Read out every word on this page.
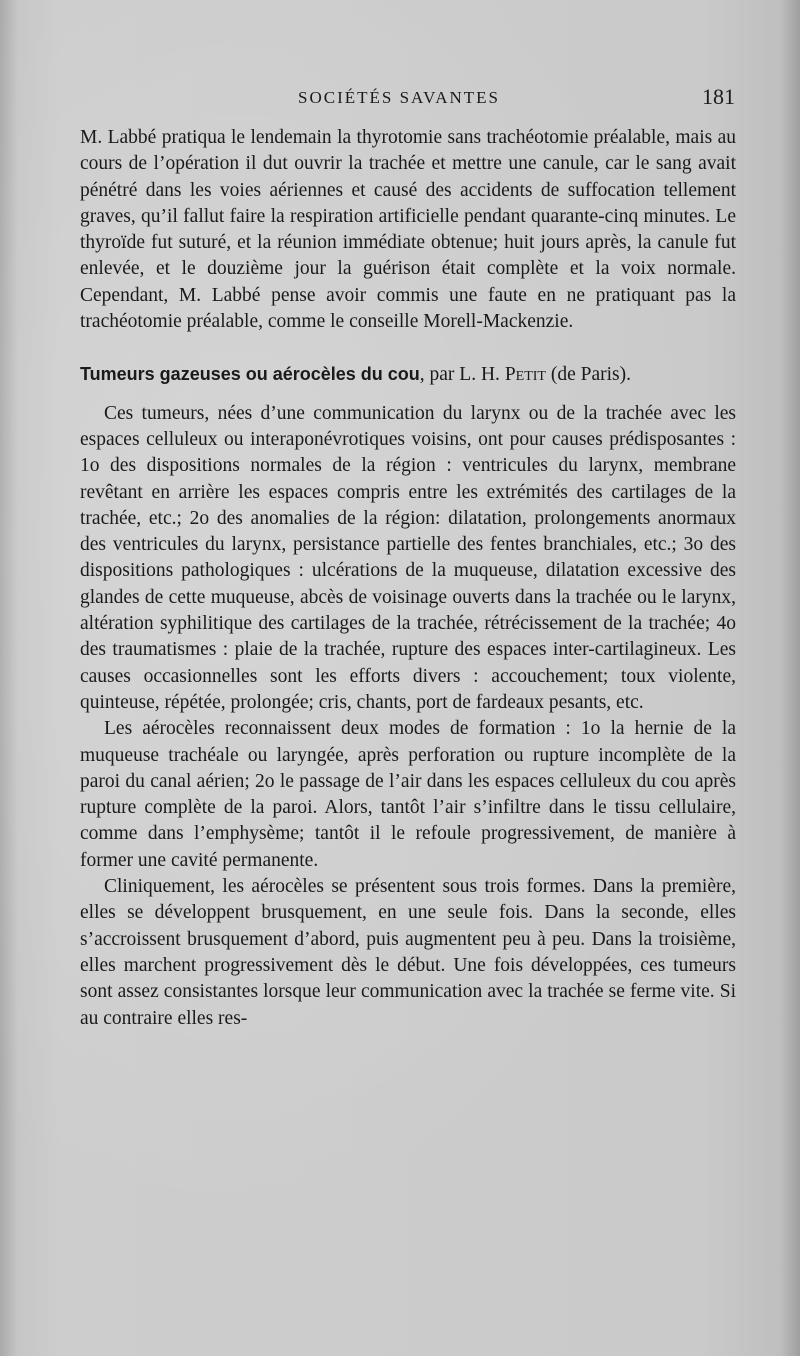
SOCIÉTÉS SAVANTES	181

M. Labbé pratiqua le lendemain la thyrotomie sans trachéotomie préalable, mais au cours de l’opération il dut ouvrir la trachée et mettre une canule, car le sang avait pénétré dans les voies aériennes et causé des accidents de suffocation tellement graves, qu’il fallut faire la respiration artificielle pendant quarante-cinq minutes. Le thyroïde fut suturé, et la réunion immédiate obtenue; huit jours après, la canule fut enlevée, et le douzième jour la guérison était complète et la voix normale. Cependant, M. Labbé pense avoir commis une faute en ne pratiquant pas la trachéotomie préalable, comme le conseille Morell-Mackenzie.

Tumeurs gazeuses ou aérocèles du cou, par L. H. Petit (de Paris).

Ces tumeurs, nées d’une communication du larynx ou de la trachée avec les espaces celluleux ou interaponévrotiques voisins, ont pour causes prédisposantes : 1o des dispositions normales de la région : ventricules du larynx, membrane revêtant en arrière les espaces compris entre les extrémités des cartilages de la trachée, etc.; 2o des anomalies de la région: dilatation, prolongements anormaux des ventricules du larynx, persistance partielle des fentes branchiales, etc.; 3o des dispositions pathologiques : ulcérations de la muqueuse, dilatation excessive des glandes de cette muqueuse, abcès de voisinage ouverts dans la trachée ou le larynx, altération syphilitique des cartilages de la trachée, rétrécissement de la trachée; 4o des traumatismes : plaie de la trachée, rupture des espaces inter-cartilagineux. Les causes occasionnelles sont les efforts divers : accouchement; toux violente, quinteuse, répétée, prolongée; cris, chants, port de fardeaux pesants, etc.

Les aérocèles reconnaissent deux modes de formation : 1o la hernie de la muqueuse trachéale ou laryngée, après perforation ou rupture incomplète de la paroi du canal aérien; 2o le passage de l’air dans les espaces celluleux du cou après rupture complète de la paroi. Alors, tantôt l’air s’infiltre dans le tissu cellulaire, comme dans l’emphysème; tantôt il le refoule progressivement, de manière à former une cavité permanente.

Cliniquement, les aérocèles se présentent sous trois formes. Dans la première, elles se développent brusquement, en une seule fois. Dans la seconde, elles s’accroissent brusquement d’abord, puis augmentent peu à peu. Dans la troisième, elles marchent progressivement dès le début. Une fois développées, ces tumeurs sont assez consistantes lorsque leur communication avec la trachée se ferme vite. Si au contraire elles res-
